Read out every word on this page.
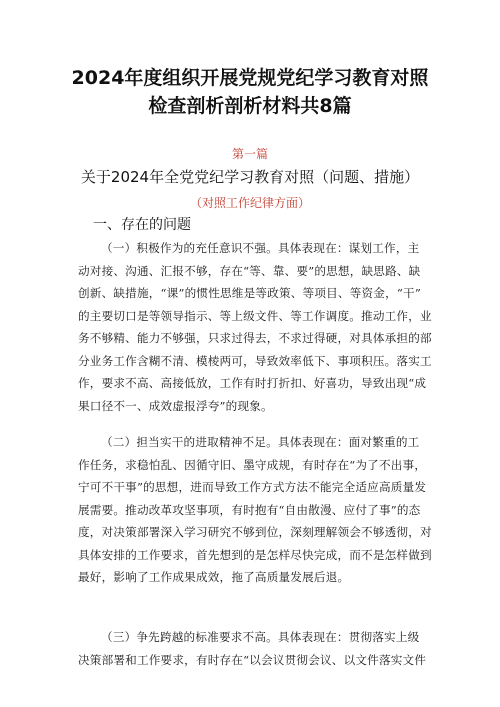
2024年度组织开展党规党纪学习教育对照
检查剖析剖析材料共8篇
第一篇
关于2024年全党党纪学习教育对照（问题、措施）
（对照工作纪律方面）
一、存在的问题
（一）积极作为的充任意识不强。具体表现在：谋划工作，主
动对接、沟通、汇报不够，存在“等、靠、要”的思想，缺思路、缺
创新、缺措施，“课”的惯性思维是等政策、等项目、等资金，“干”
的主要切口是等领导指示、等上级文件、等工作调度。推动工作，业
务不够精、能力不够强，只求过得去，不求过得硬，对具体承担的部
分业务工作含糊不清、模棱两可，导致效率低下、事项积压。落实工
作，要求不高、高接低放，工作有时打折扣、好喜功，导致出现“成
果口径不一、成效虚报浮夸”的现象。
（二）担当实干的进取精神不足。具体表现在：面对繁重的工
作任务，求稳怕乱、因循守旧、墨守成规，有时存在“为了不出事，
宁可不干事”的思想，进而导致工作方式方法不能完全适应高质量发
展需要。推动改革攻坚事项，有时抱有“自由散漫、应付了事”的态
度，对决策部署深入学习研究不够到位，深刻理解领会不够透彻，对
具体安排的工作要求，首先想到的是怎样尽快完成，而不是怎样做到
最好，影响了工作成果成效，拖了高质量发展后退。
（三）争先跨越的标准要求不高。具体表现在：贯彻落实上级
决策部署和工作要求，有时存在“以会议贯彻会议、以文件落实文件
